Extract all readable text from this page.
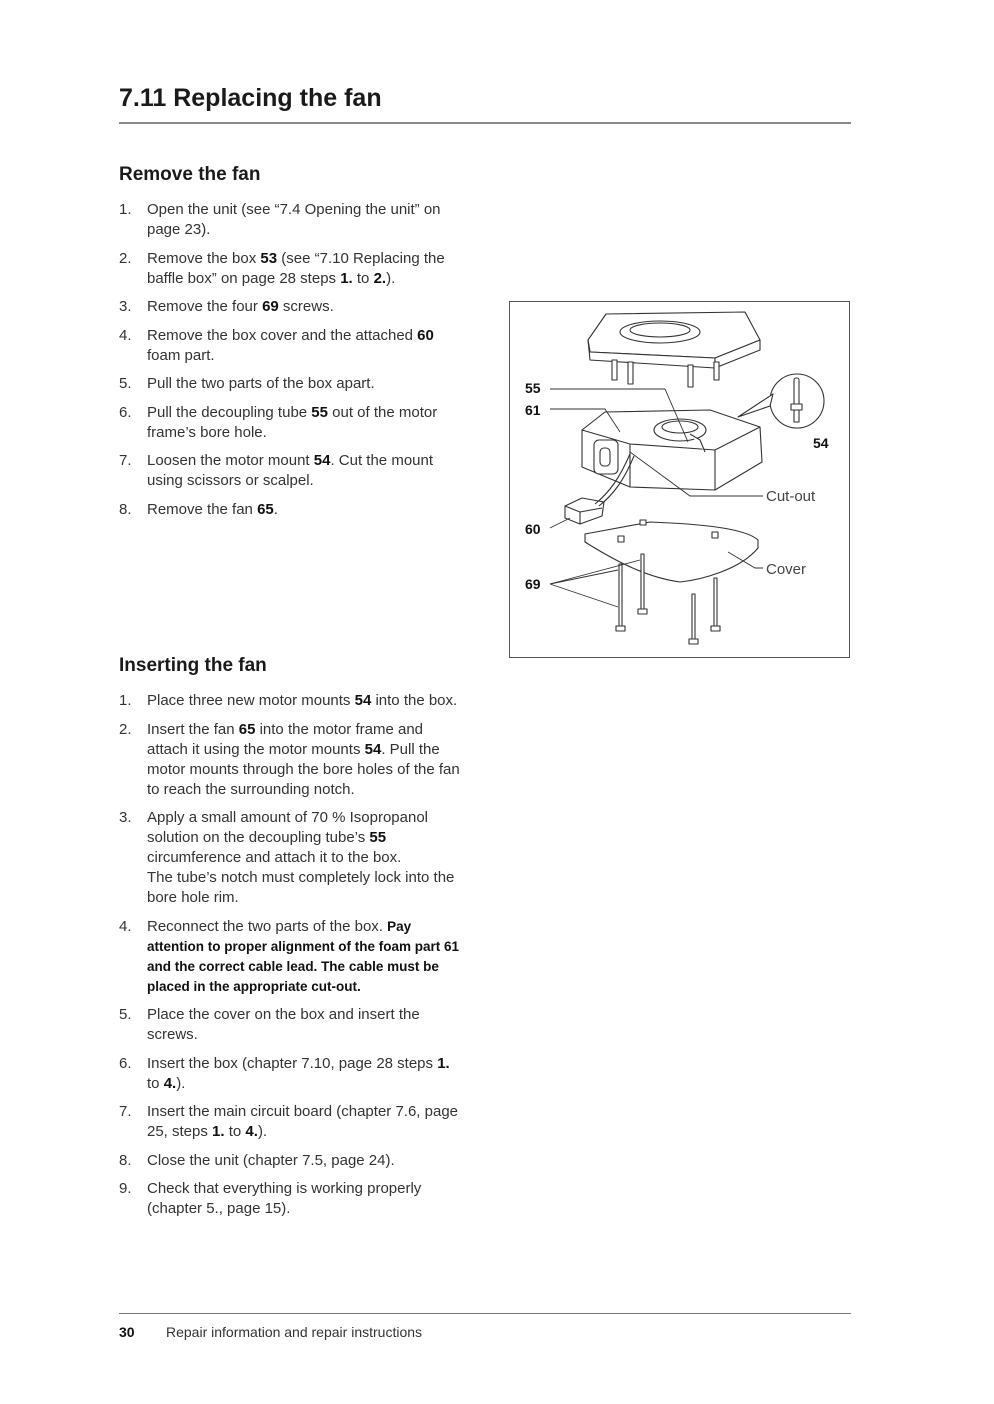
7.11 Replacing the fan
Remove the fan
1. Open the unit (see “7.4 Opening the unit” on page 23).
2. Remove the box 53 (see “7.10 Replacing the baffle box” on page 28 steps 1. to 2.).
3. Remove the four 69 screws.
4. Remove the box cover and the attached 60 foam part.
5. Pull the two parts of the box apart.
6. Pull the decoupling tube 55 out of the motor frame’s bore hole.
7. Loosen the motor mount 54. Cut the mount using scissors or scalpel.
8. Remove the fan 65.
Inserting the fan
1. Place three new motor mounts 54 into the box.
2. Insert the fan 65 into the motor frame and attach it using the motor mounts 54. Pull the motor mounts through the bore holes of the fan to reach the surrounding notch.
3. Apply a small amount of 70 % Isopropanol solution on the decoupling tube’s 55 circumference and attach it to the box.
The tube’s notch must completely lock into the bore hole rim.
4. Reconnect the two parts of the box. Pay attention to proper alignment of the foam part 61 and the correct cable lead. The cable must be placed in the appropriate cut-out.
5. Place the cover on the box and insert the screws.
6. Insert the box (chapter 7.10, page 28 steps 1. to 4.).
7. Insert the main circuit board (chapter 7.6, page 25, steps 1. to 4.).
8. Close the unit (chapter 7.5, page 24).
9. Check that everything is working properly (chapter 5., page 15).
55
61
54
Cut-out
60
Cover
69
30 Repair information and repair instructions
